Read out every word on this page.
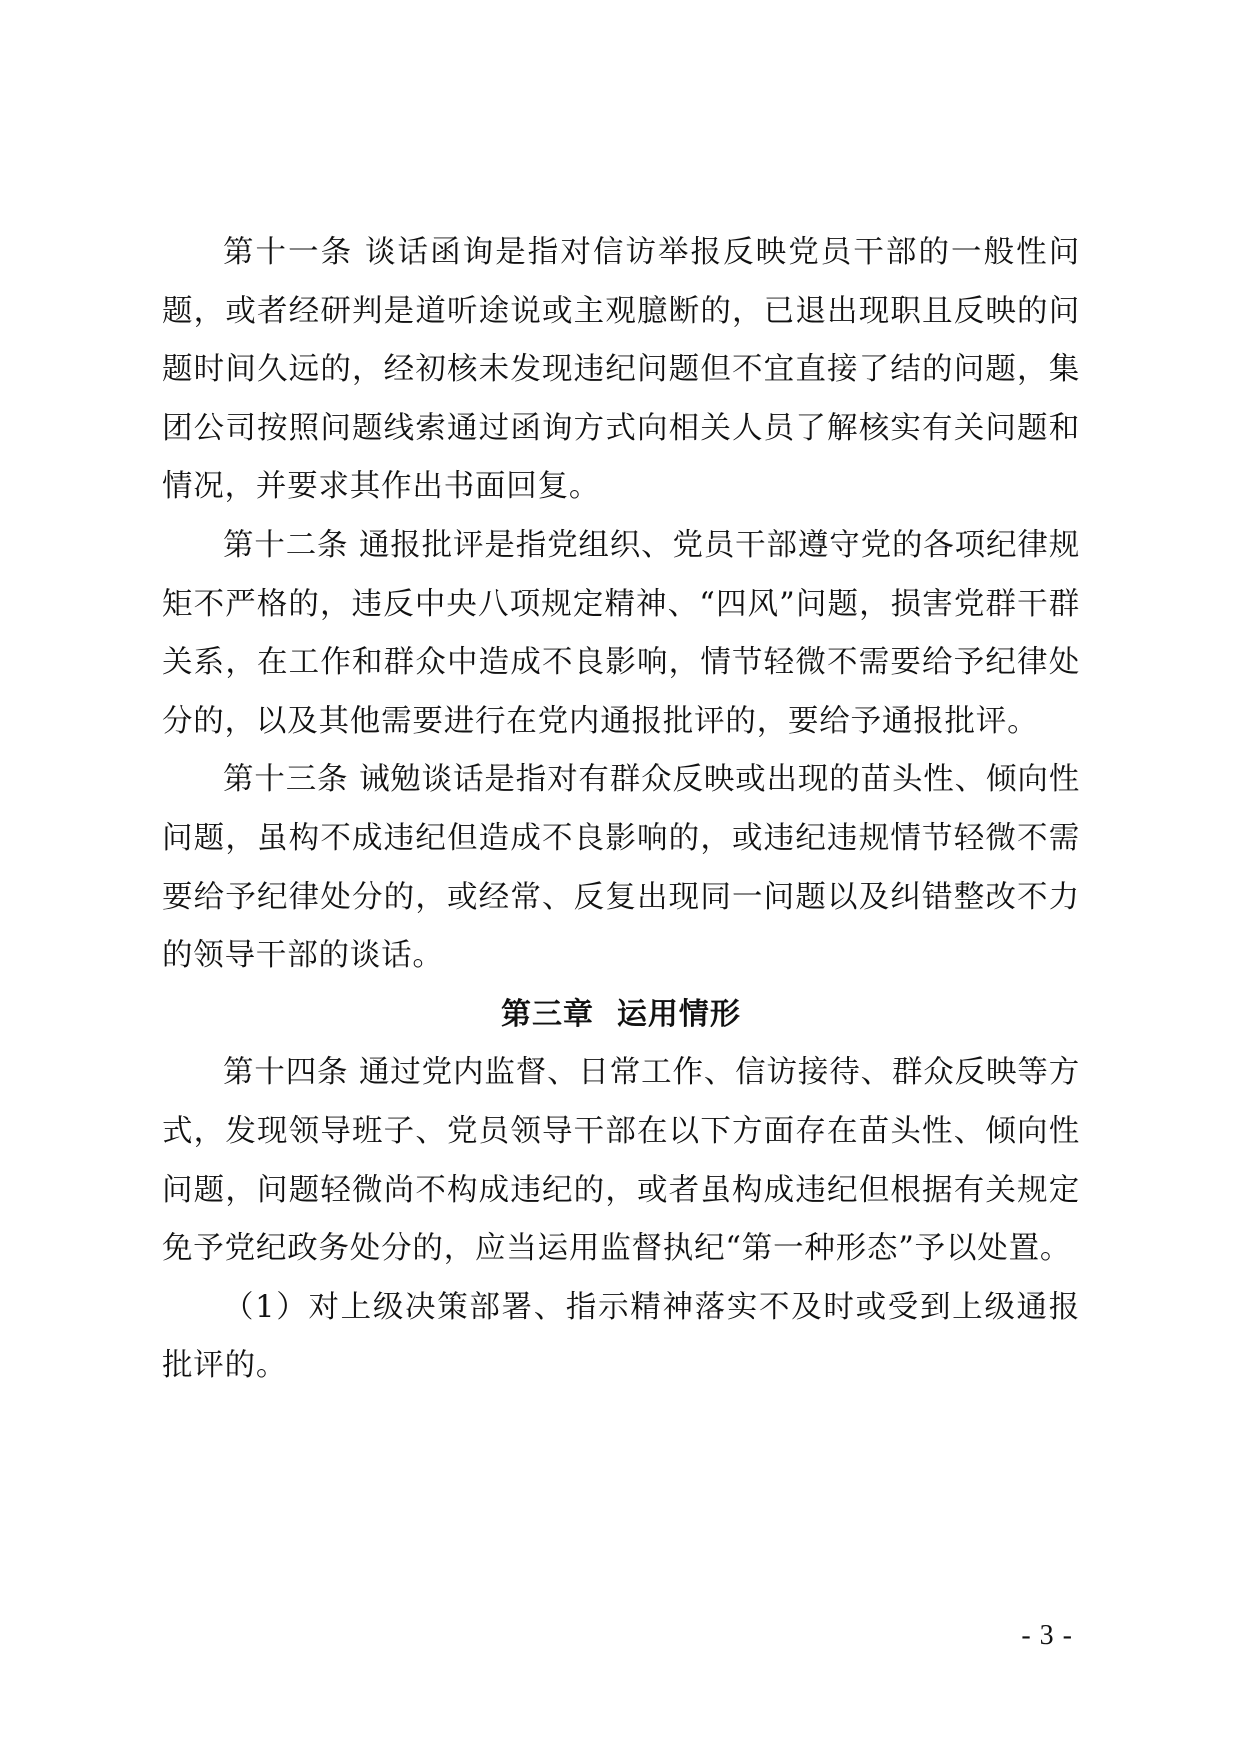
第十一条 谈话函询是指对信访举报反映党员干部的一般性问题，或者经研判是道听途说或主观臆断的，已退出现职且反映的问题时间久远的，经初核未发现违纪问题但不宜直接了结的问题，集团公司按照问题线索通过函询方式向相关人员了解核实有关问题和情况，并要求其作出书面回复。

第十二条 通报批评是指党组织、党员干部遵守党的各项纪律规矩不严格的，违反中央八项规定精神、“四风”问题，损害党群干群关系，在工作和群众中造成不良影响，情节轻微不需要给予纪律处分的，以及其他需要进行在党内通报批评的，要给予通报批评。

第十三条 诫勉谈话是指对有群众反映或出现的苗头性、倾向性问题，虽构不成违纪但造成不良影响的，或违纪违规情节轻微不需要给予纪律处分的，或经常、反复出现同一问题以及纠错整改不力的领导干部的谈话。

第三章  运用情形

第十四条 通过党内监督、日常工作、信访接待、群众反映等方式，发现领导班子、党员领导干部在以下方面存在苗头性、倾向性问题，问题轻微尚不构成违纪的，或者虽构成违纪但根据有关规定免予党纪政务处分的，应当运用监督执纪“第一种形态”予以处置。

（1）对上级决策部署、指示精神落实不及时或受到上级通报批评的。

- 3 -
